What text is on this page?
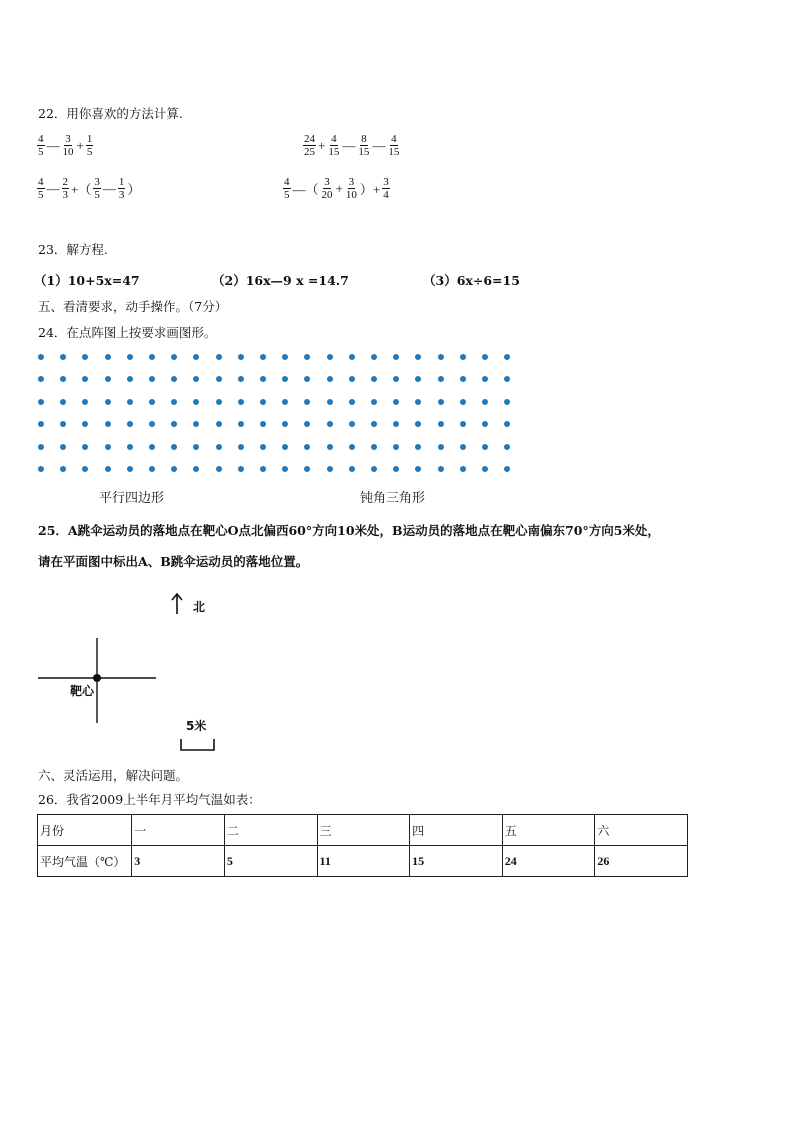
22．用你喜欢的方法计算.
$\frac{4}{5}$ — $\frac{3}{10} + \frac{1}{5}$	$\frac{24}{25} + \frac{4}{15}$ — $\frac{8}{15}$ — $\frac{4}{15}$
$\frac{4}{5}$ — $\frac{2}{3}$ +（ $\frac{3}{5}$ — $\frac{1}{3}$ ）	$\frac{4}{5}$ —（ $\frac{3}{20} + \frac{3}{10}$ ）+ $\frac{3}{4}$
23．解方程.
（1）10+5x=47	（2）16x—9 x =14.7	（3）6x÷6=15
五、看清要求，动手操作。（7分）
24．在点阵图上按要求画图形。
平行四边形	钝角三角形
25．A跳伞运动员的落地点在靶心O点北偏西60°方向10米处，B运动员的落地点在靶心南偏东70°方向5米处，
请在平面图中标出A、B跳伞运动员的落地位置。
北
靶心
5米
六、灵活运用，解决问题。
26．我省2009上半年月平均气温如表：
月份	一	二	三	四	五	六
平均气温（℃）	3	5	11	15	24	26
